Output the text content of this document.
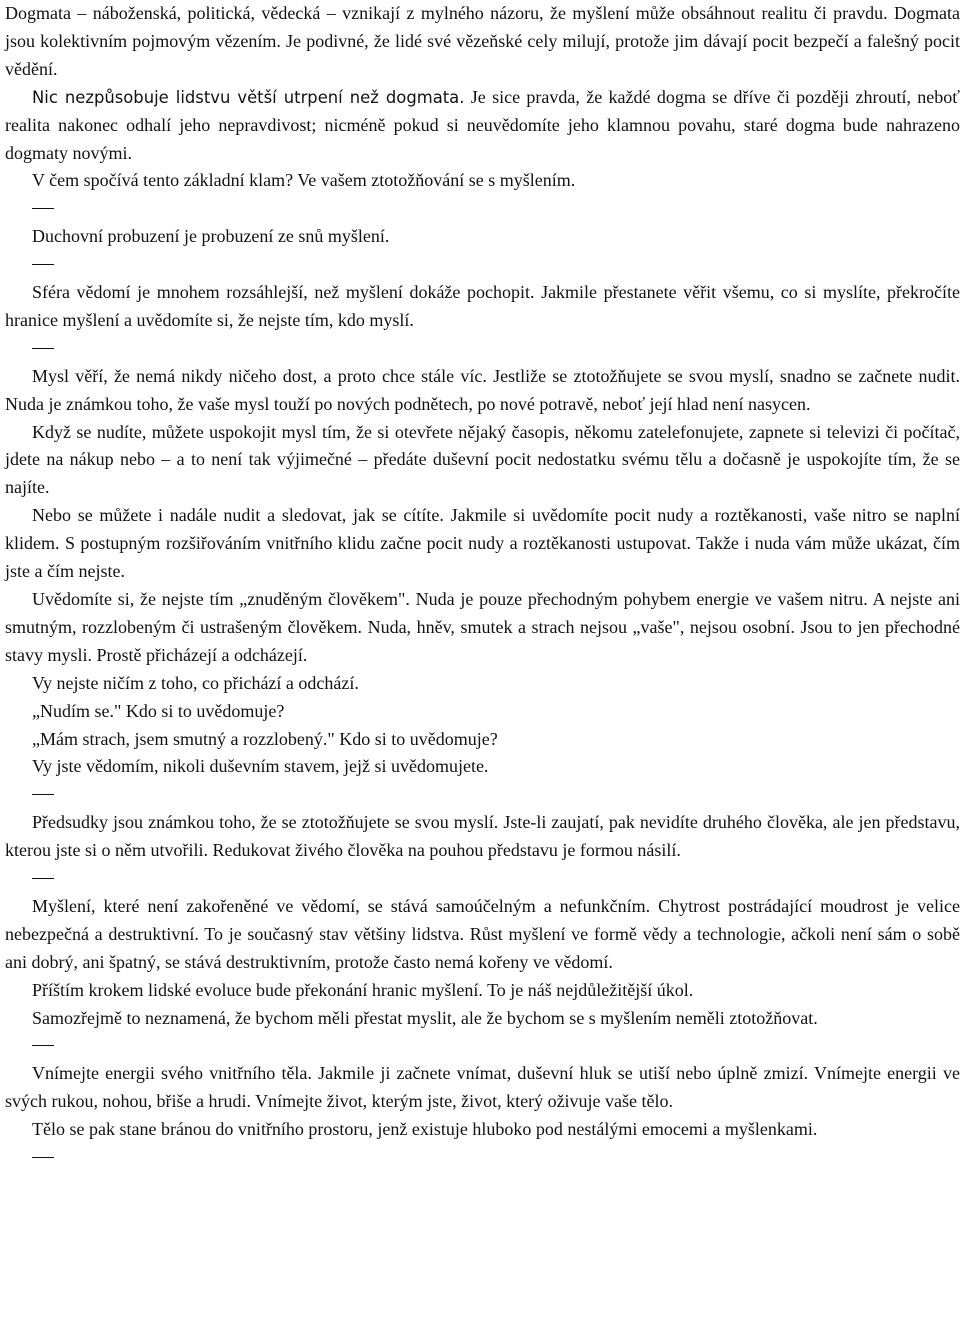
Dogmata – náboženská, politická, vědecká – vznikají z mylného názoru, že myšlení může obsáhnout realitu či pravdu. Dogmata jsou kolektivním pojmovým vězením. Je podivné, že lidé své vězeňské cely milují, protože jim dávají pocit bezpečí a falešný pocit vědění.

Nic nezpůsobuje lidstvu větší utrpení než dogmata. Je sice pravda, že každé dogma se dříve či později zhroutí, neboť realita nakonec odhalí jeho nepravdivost; nicméně pokud si neuvědomíte jeho klamnou povahu, staré dogma bude nahrazeno dogmaty novými.

V čem spočívá tento základní klam? Ve vašem ztotožňování se s myšlením.

Duchovní probuzení je probuzení ze snů myšlení.

Sféra vědomí je mnohem rozsáhlejší, než myšlení dokáže pochopit. Jakmile přestanete věřit všemu, co si myslíte, překročíte hranice myšlení a uvědomíte si, že nejste tím, kdo myslí.

Mysl věří, že nemá nikdy ničeho dost, a proto chce stále víc. Jestliže se ztotožňujete se svou myslí, snadno se začnete nudit. Nuda je známkou toho, že vaše mysl touží po nových podnětech, po nové potravě, neboť její hlad není nasycen.

Když se nudíte, můžete uspokojit mysl tím, že si otevřete nějaký časopis, někomu zatelefonujete, zapnete si televizi či počítač, jdete na nákup nebo – a to není tak výjimečné – předáte duševní pocit nedostatku svému tělu a dočasně je uspokojíte tím, že se najíte.

Nebo se můžete i nadále nudit a sledovat, jak se cítíte. Jakmile si uvědomíte pocit nudy a roztěkanosti, vaše nitro se naplní klidem. S postupným rozšiřováním vnitřního klidu začne pocit nudy a roztěkanosti ustupovat. Takže i nuda vám může ukázat, čím jste a čím nejste.

Uvědomíte si, že nejste tím „znuděným člověkem". Nuda je pouze přechodným pohybem energie ve vašem nitru. A nejste ani smutným, rozzlobeným či ustrašeným člověkem. Nuda, hněv, smutek a strach nejsou „vaše", nejsou osobní. Jsou to jen přechodné stavy mysli. Prostě přicházejí a odcházejí.

Vy nejste ničím z toho, co přichází a odchází.

„Nudím se." Kdo si to uvědomuje?

„Mám strach, jsem smutný a rozzlobený." Kdo si to uvědomuje?

Vy jste vědomím, nikoli duševním stavem, jejž si uvědomujete.

Předsudky jsou známkou toho, že se ztotožňujete se svou myslí. Jste-li zaujatí, pak nevidíte druhého člověka, ale jen představu, kterou jste si o něm utvořili. Redukovat živého člověka na pouhou představu je formou násilí.

Myšlení, které není zakořeněné ve vědomí, se stává samoúčelným a nefunkčním. Chytrost postrádající moudrost je velice nebezpečná a destruktivní. To je současný stav většiny lidstva. Růst myšlení ve formě vědy a technologie, ačkoli není sám o sobě ani dobrý, ani špatný, se stává destruktivním, protože často nemá kořeny ve vědomí.

Příštím krokem lidské evoluce bude překonání hranic myšlení. To je náš nejdůležitější úkol.

Samozřejmě to neznamená, že bychom měli přestat myslit, ale že bychom se s myšlením neměli ztotožňovat.

Vnímejte energii svého vnitřního těla. Jakmile ji začnete vnímat, duševní hluk se utiší nebo úplně zmizí. Vnímejte energii ve svých rukou, nohou, břiše a hrudi. Vnímejte život, kterým jste, život, který oživuje vaše tělo.

Tělo se pak stane bránou do vnitřního prostoru, jenž existuje hluboko pod nestálými emocemi a myšlenkami.
